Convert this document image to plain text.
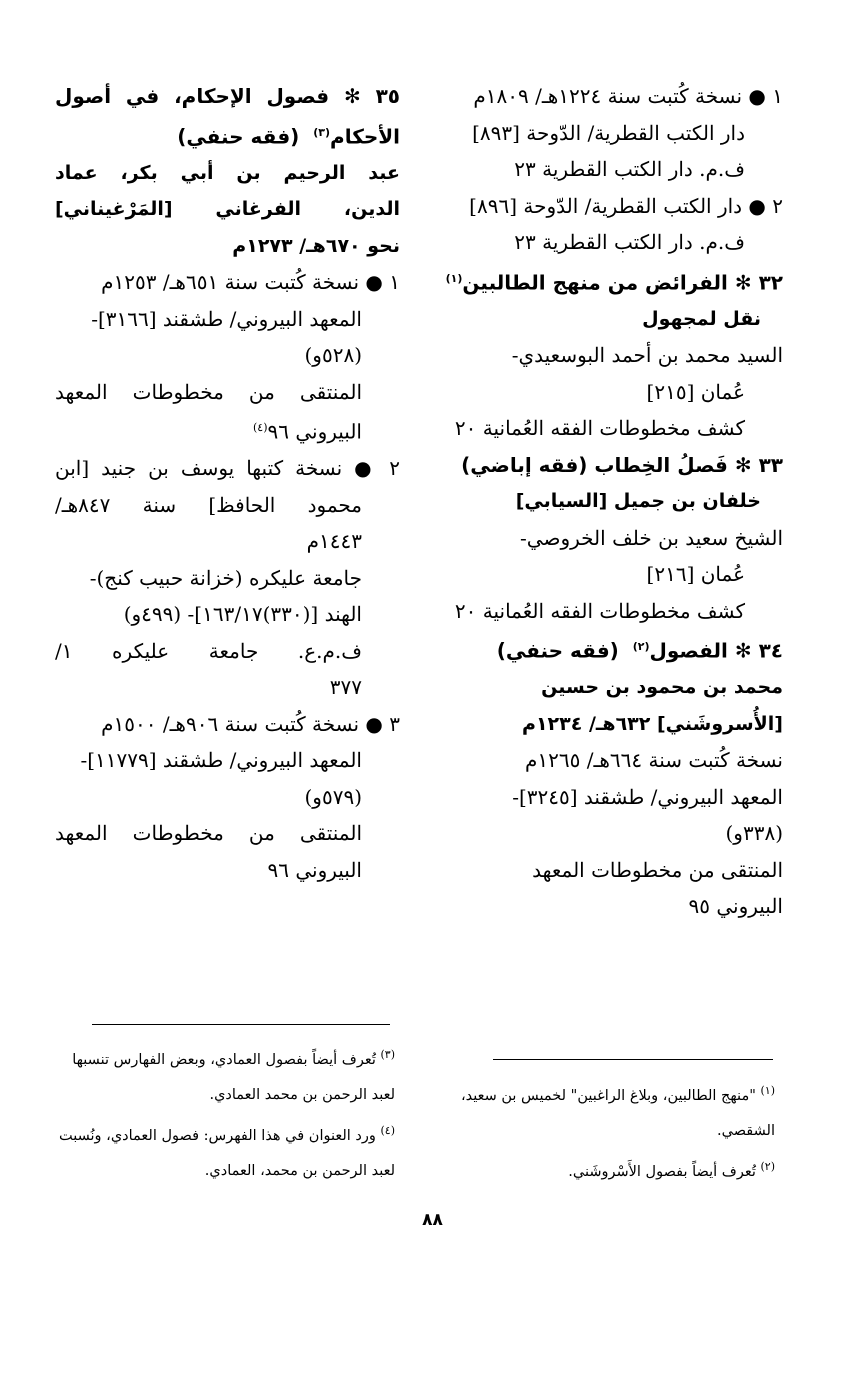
١ ● نسخة كُتبت سنة ١٢٢٤هـ/ ١٨٠٩م
دار الكتب القطرية/ الدّوحة [٨٩٣]
ف.م. دار الكتب القطرية ٢٣
٢ ● دار الكتب القطرية/ الدّوحة [٨٩٦]
ف.م. دار الكتب القطرية ٢٣
٣٢ ✻ الفرائض من منهج الطالبين$^{(١)}$
نقل لمجهول
السيد محمد بن أحمد البوسعيدي-
عُمان [٢١٥]
كشف مخطوطات الفقه العُمانية ٢٠
٣٣ ✻ فَصلُ الخِطاب (فقه إباضي)
خلفان بن جميل [السيابي]
الشيخ سعيد بن خلف الخروصي-
عُمان [٢١٦]
كشف مخطوطات الفقه العُمانية ٢٠
٣٤ ✻ الفصول$^{(٢)}$  (فقه حنفي)
محمد بن محمود بن حسين
[الأُسروشَني] ٦٣٢هـ/ ١٢٣٤م
نسخة كُتبت سنة ٦٦٤هـ/ ١٢٦٥م
المعهد البيروني/ طشقند [٣٢٤٥]-
(٣٣٨و)
المنتقى من مخطوطات المعهد
البيروني ٩٥
٣٥ ✻ فصول الإحكام، في أصول
الأحكام$^{(٣)}$  (فقه حنفي)
عبد الرحيم بن أبي بكر، عماد
الدين، الفرغاني [المَرْغيناني]
نحو ٦٧٠هـ/ ١٢٧٣م
١ ● نسخة كُتبت سنة ٦٥١هـ/ ١٢٥٣م
المعهد البيروني/ طشقند [٣١٦٦]-
(٥٢٨و)
المنتقى من مخطوطات المعهد
البيروني ٩٦$^{(٤)}$
٢ ● نسخة كتبها يوسف بن جنيد [ابن
محمود الحافظ] سنة ٨٤٧هـ/
١٤٤٣م
جامعة عليكره (خزانة حبيب كنج)-
الهند [(٣٣٠)١٦٣/١٧]- (٤٩٩و)
ف.م.ع. جامعة عليكره ١/
٣٧٧
٣ ● نسخة كُتبت سنة ٩٠٦هـ/ ١٥٠٠م
المعهد البيروني/ طشقند [١١٧٧٩]-
(٥٧٩و)
المنتقى من مخطوطات المعهد
البيروني ٩٦

$^{(١)}$ "منهج الطالبين، وبلاغ الراغبين" لخميس بن سعيد، الشقصي.

$^{(٢)}$ تُعرف أيضاً بفصول الأَسْروشَني.

$^{(٣)}$ تُعرف أيضاً بفصول العمادي، وبعض الفهارس تنسبها لعبد الرحمن بن محمد العمادي.

$^{(٤)}$ ورد العنوان في هذا الفهرس: فصول العمادي، ونُسبت لعبد الرحمن بن محمد، العمادي.

٨٨
